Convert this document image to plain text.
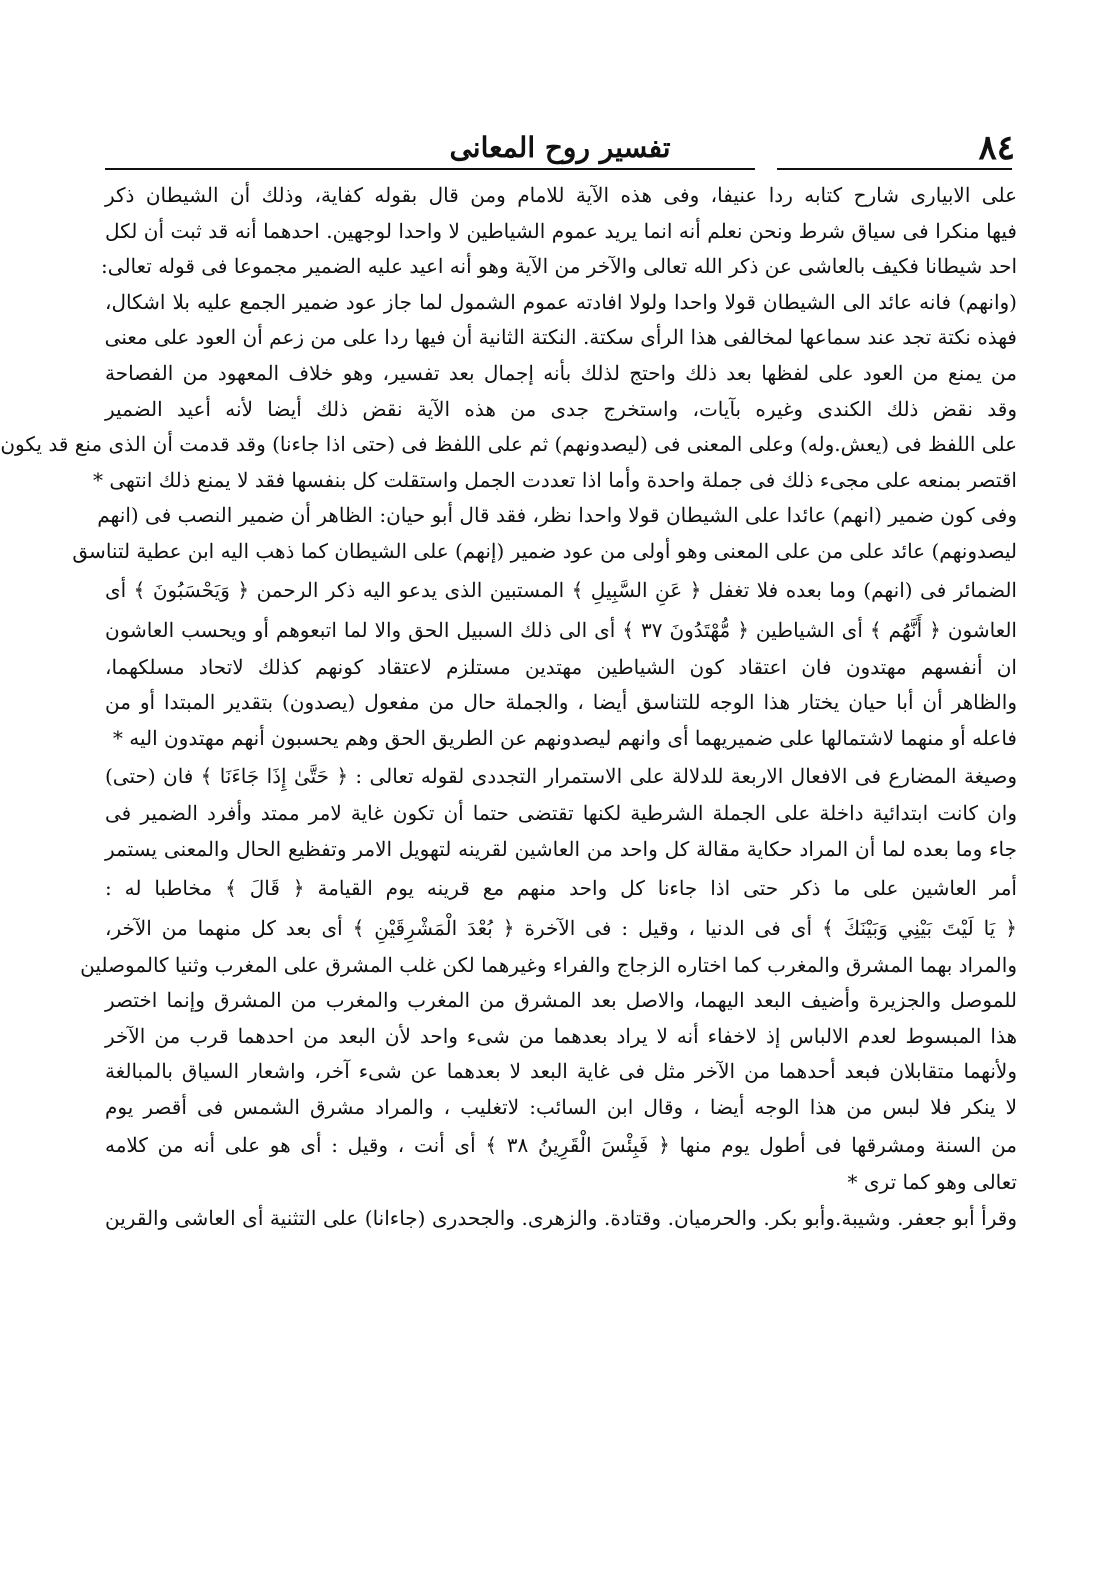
٨٤
تفسير روح المعانى
على الابيارى شارح كتابه ردا عنيفا، وفى هذه الآية للامام ومن قال بقوله كفاية، وذلك أن الشيطان ذكر
فيها منكرا فى سياق شرط ونحن نعلم أنه انما يريد عموم الشياطين لا واحدا لوجهين. احدهما أنه قد ثبت أن لكل
احد شيطانا فكيف بالعاشى عن ذكر الله تعالى والآخر من الآية وهو أنه اعيد عليه الضمير مجموعا فى قوله تعالى:
(وانهم) فانه عائد الى الشيطان قولا واحدا ولولا افادته عموم الشمول لما جاز عود ضمير الجمع عليه بلا اشكال،
فهذه نكتة تجد عند سماعها لمخالفى هذا الرأى سكتة. النكتة الثانية أن فيها ردا على من زعم أن العود على معنى
من يمنع من العود على لفظها بعد ذلك واحتج لذلك بأنه إجمال بعد تفسير، وهو خلاف المعهود من الفصاحة
وقد نقض ذلك الكندى وغيره بآيات، واستخرج جدى من هذه الآية نقض ذلك أيضا لأنه أعيد الضمير
على اللفظ فى (يعش.وله) وعلى المعنى فى (ليصدونهم) ثم على اللفظ فى (حتى اذا جاءنا) وقد قدمت أن الذى منع قد يكون
اقتصر بمنعه على مجىء ذلك فى جملة واحدة وأما اذا تعددت الجمل واستقلت كل بنفسها فقد لا يمنع ذلك انتهى *
وفى كون ضمير (انهم) عائدا على الشيطان قولا واحدا نظر، فقد قال أبو حيان: الظاهر أن ضمير النصب فى (انهم
ليصدونهم) عائد على من على المعنى وهو أولى من عود ضمير (إنهم) على الشيطان كما ذهب اليه ابن عطية لتناسق
الضمائر فى (انهم) وما بعده فلا تغفل ﴿ عَنِ السَّبِيلِ ﴾ المستبين الذى يدعو اليه ذكر الرحمن ﴿ وَيَحْسَبُونَ ﴾ أى
العاشون ﴿ أَنَّهُم ﴾ أى الشياطين ﴿ مُّهْتَدُونَ ٣٧ ﴾ أى الى ذلك السبيل الحق والا لما اتبعوهم أو ويحسب العاشون
ان أنفسهم مهتدون فان اعتقاد كون الشياطين مهتدين مستلزم لاعتقاد كونهم كذلك لاتحاد مسلكهما،
والظاهر أن أبا حيان يختار هذا الوجه للتناسق أيضا ، والجملة حال من مفعول (يصدون) بتقدير المبتدا أو من
فاعله أو منهما لاشتمالها على ضميريهما أى وانهم ليصدونهم عن الطريق الحق وهم يحسبون أنهم مهتدون اليه *
وصيغة المضارع فى الافعال الاربعة للدلالة على الاستمرار التجددى لقوله تعالى : ﴿ حَتَّىٰ إِذَا جَاءَنَا ﴾ فان (حتى)
وان كانت ابتدائية داخلة على الجملة الشرطية لكنها تقتضى حتما أن تكون غاية لامر ممتد وأفرد الضمير فى
جاء وما بعده لما أن المراد حكاية مقالة كل واحد من العاشين لقرينه لتهويل الامر وتفظيع الحال والمعنى يستمر
أمر العاشين على ما ذكر حتى اذا جاءنا كل واحد منهم مع قرينه يوم القيامة ﴿ قَالَ ﴾ مخاطبا له :
﴿ يَا لَيْتَ بَيْنِي وَبَيْنَكَ ﴾ أى فى الدنيا ، وقيل : فى الآخرة ﴿ بُعْدَ الْمَشْرِقَيْنِ ﴾ أى بعد كل منهما من الآخر،
والمراد بهما المشرق والمغرب كما اختاره الزجاج والفراء وغيرهما لكن غلب المشرق على المغرب وثنيا كالموصلين
للموصل والجزيرة وأضيف البعد اليهما، والاصل بعد المشرق من المغرب والمغرب من المشرق وإنما اختصر
هذا المبسوط لعدم الالباس إذ لاخفاء أنه لا يراد بعدهما من شىء واحد لأن البعد من احدهما قرب من الآخر
ولأنهما متقابلان فبعد أحدهما من الآخر مثل فى غاية البعد لا بعدهما عن شىء آخر، واشعار السياق بالمبالغة
لا ينكر فلا لبس من هذا الوجه أيضا ، وقال ابن السائب: لاتغليب ، والمراد مشرق الشمس فى أقصر يوم
من السنة ومشرقها فى أطول يوم منها ﴿ فَبِئْسَ الْقَرِينُ ٣٨ ﴾ أى أنت ، وقيل : أى هو على أنه من كلامه
تعالى وهو كما ترى *
وقرأ أبو جعفر. وشيبة.وأبو بكر. والحرميان. وقتادة. والزهرى. والجحدرى (جاءانا) على التثنية أى العاشى والقرين
